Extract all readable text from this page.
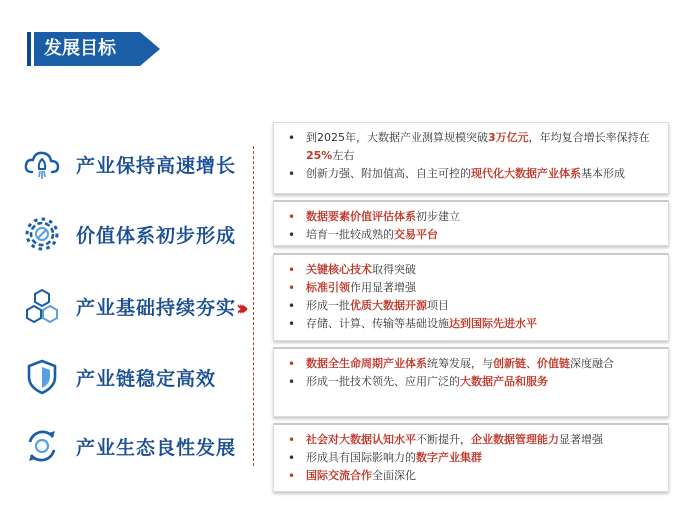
发展目标
产业保持高速增长
价值体系初步形成
产业基础持续夯实
产业链稳定高效
产业生态良性发展
›››
• 到2025年，大数据产业测算规模突破3万亿元，年均复合增长率保持在25%左右
• 创新力强、附加值高、自主可控的现代化大数据产业体系基本形成
• 数据要素价值评估体系初步建立
• 培育一批较成熟的交易平台
• 关键核心技术取得突破
• 标准引领作用显著增强
• 形成一批优质大数据开源项目
• 存储、计算、传输等基础设施达到国际先进水平
• 数据全生命周期产业体系统筹发展，与创新链、价值链深度融合
• 形成一批技术领先、应用广泛的大数据产品和服务
• 社会对大数据认知水平不断提升，企业数据管理能力显著增强
• 形成具有国际影响力的数字产业集群
• 国际交流合作全面深化
